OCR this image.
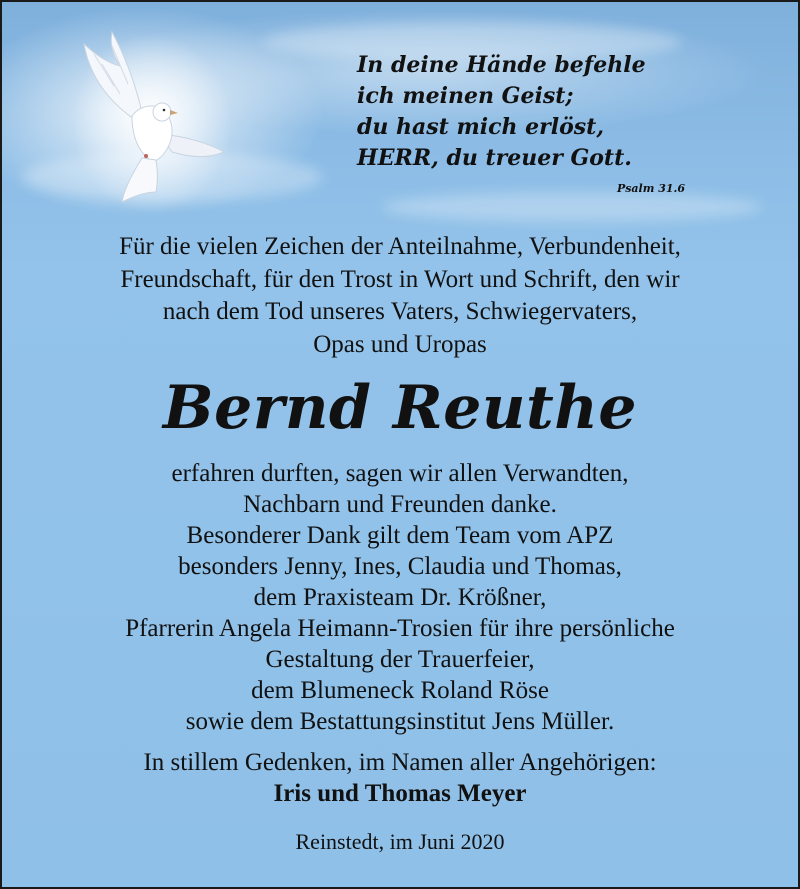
In deine Hände befehle
ich meinen Geist;
du hast mich erlöst,
HERR, du treuer Gott.
Psalm 31.6
Für die vielen Zeichen der Anteilnahme, Verbundenheit,
Freundschaft, für den Trost in Wort und Schrift, den wir
nach dem Tod unseres Vaters, Schwiegervaters,
Opas und Uropas
Bernd Reuthe
erfahren durften, sagen wir allen Verwandten,
Nachbarn und Freunden danke.
Besonderer Dank gilt dem Team vom APZ
besonders Jenny, Ines, Claudia und Thomas,
dem Praxisteam Dr. Krößner,
Pfarrerin Angela Heimann-Trosien für ihre persönliche
Gestaltung der Trauerfeier,
dem Blumeneck Roland Röse
sowie dem Bestattungsinstitut Jens Müller.
In stillem Gedenken, im Namen aller Angehörigen:
Iris und Thomas Meyer
Reinstedt, im Juni 2020
